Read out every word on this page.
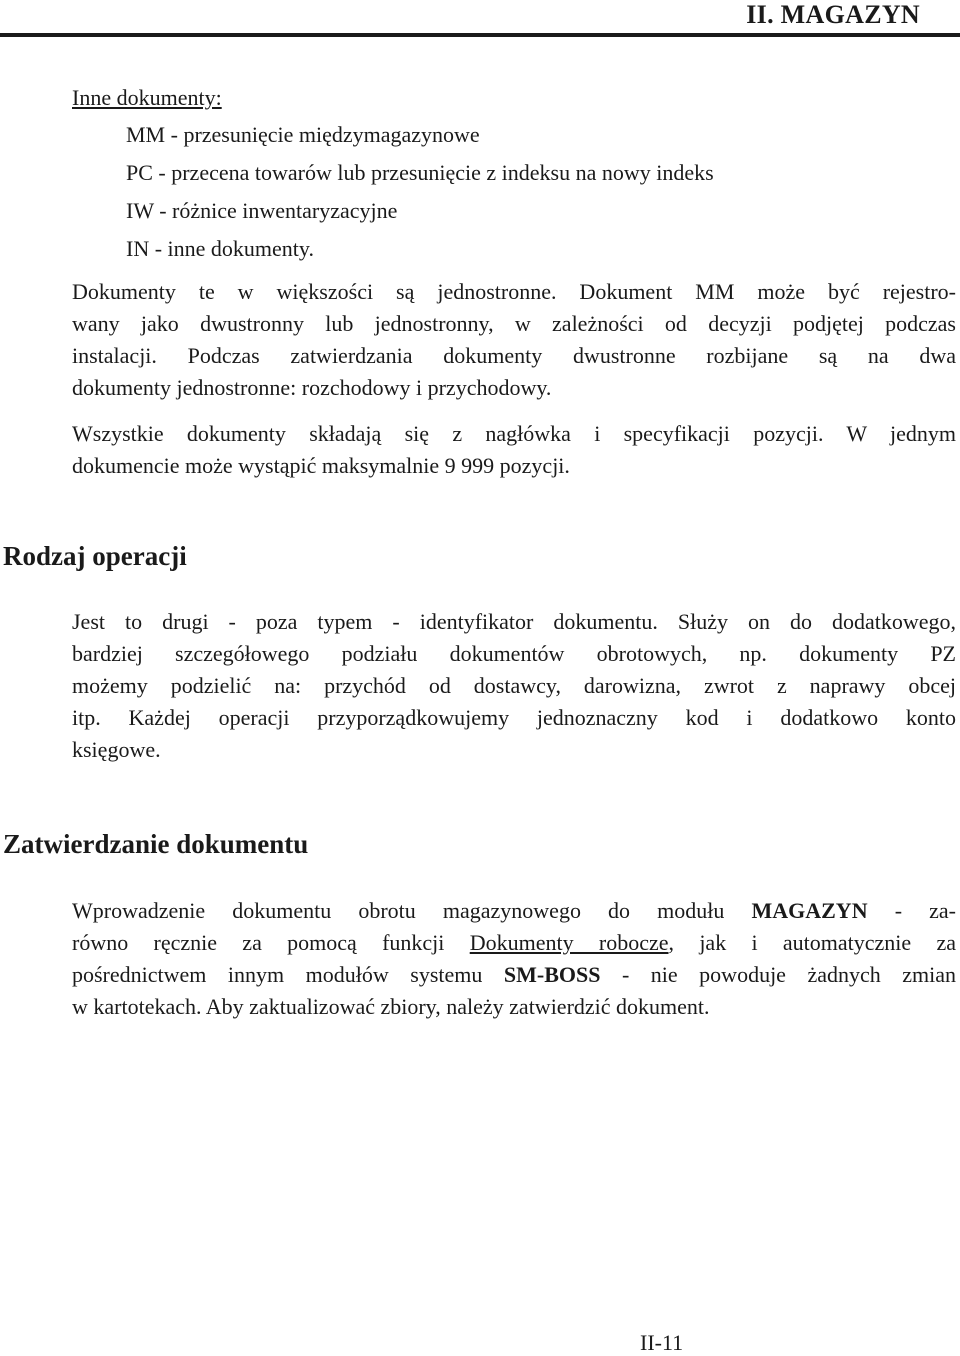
II. MAGAZYN
Inne dokumenty:
MM - przesunięcie międzymagazynowe
PC - przecena towarów lub przesunięcie z indeksu na nowy indeks
IW - różnice inwentaryzacyjne
IN - inne dokumenty.
Dokumenty te w większości są jednostronne. Dokument MM może być rejestro-
wany jako dwustronny lub jednostronny, w zależności od decyzji podjętej podczas
instalacji. Podczas zatwierdzania dokumenty dwustronne rozbijane są na dwa
dokumenty jednostronne: rozchodowy i przychodowy.
Wszystkie dokumenty składają się z nagłówka i specyfikacji pozycji. W jednym
dokumencie może wystąpić maksymalnie 9 999 pozycji.
Rodzaj operacji
Jest to drugi - poza typem - identyfikator dokumentu. Służy on do dodatkowego,
bardziej szczegółowego podziału dokumentów obrotowych, np. dokumenty PZ
możemy podzielić na: przychód od dostawcy, darowizna, zwrot z naprawy obcej
itp. Każdej operacji przyporządkowujemy jednoznaczny kod i dodatkowo konto
księgowe.
Zatwierdzanie dokumentu
Wprowadzenie dokumentu obrotu magazynowego do modułu MAGAZYN - za-
równo ręcznie za pomocą funkcji Dokumenty robocze, jak i automatycznie za
pośrednictwem innym modułów systemu SM-BOSS - nie powoduje żadnych zmian
w kartotekach. Aby zaktualizować zbiory, należy zatwierdzić dokument.
II-11
